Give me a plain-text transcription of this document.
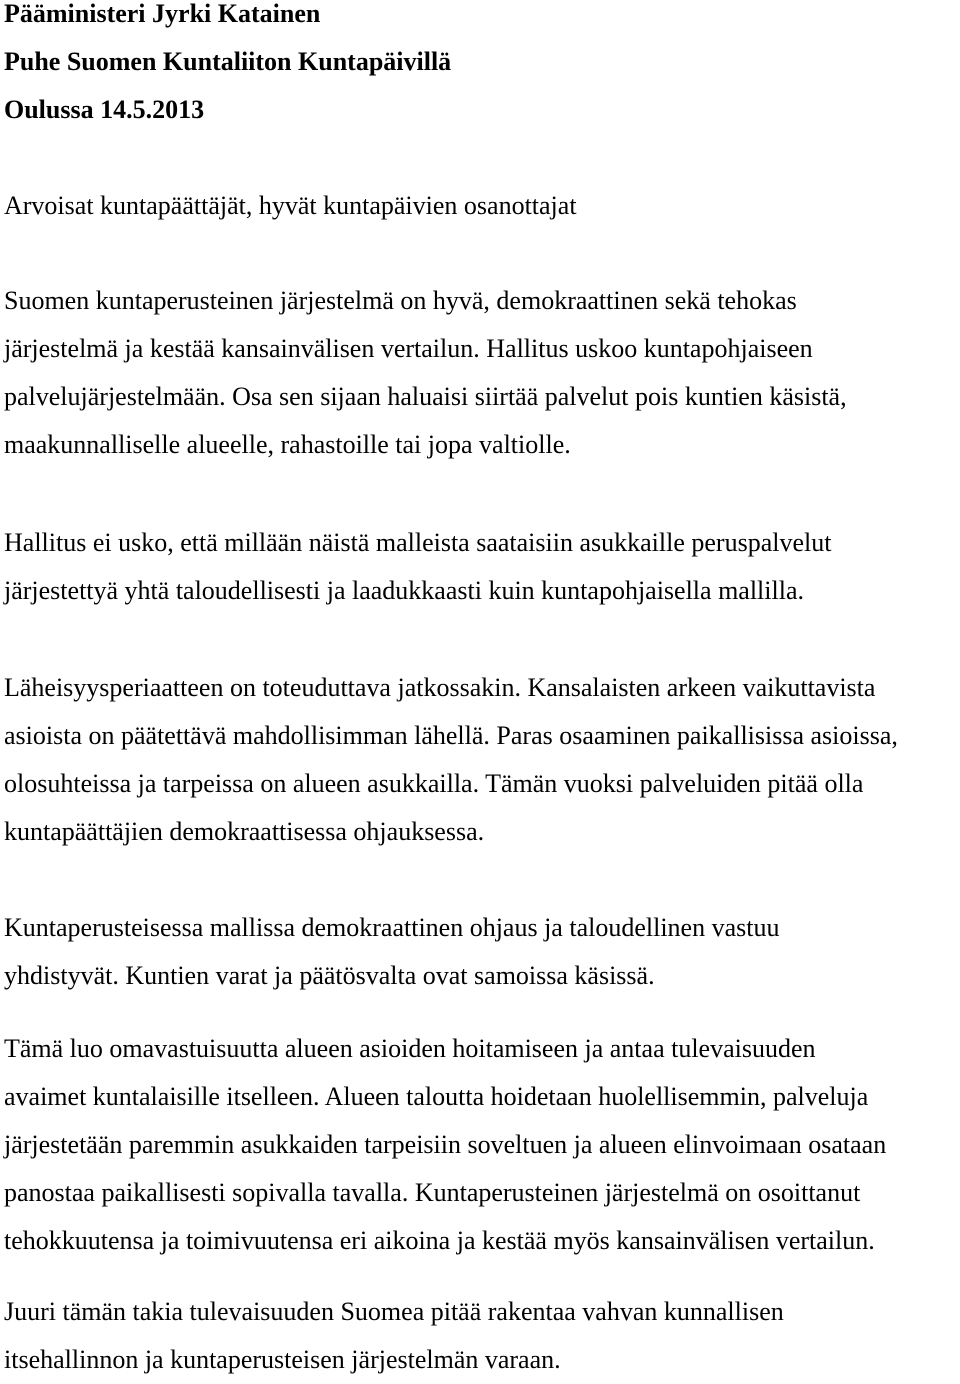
Pääministeri Jyrki Katainen
Puhe Suomen Kuntaliiton Kuntapäivillä
Oulussa 14.5.2013
Arvoisat kuntapäättäjät, hyvät kuntapäivien osanottajat
Suomen kuntaperusteinen järjestelmä on hyvä, demokraattinen sekä tehokas
järjestelmä ja kestää kansainvälisen vertailun. Hallitus uskoo kuntapohjaiseen
palvelujärjestelmään. Osa sen sijaan haluaisi siirtää palvelut pois kuntien käsistä,
maakunnalliselle alueelle, rahastoille tai jopa valtiolle.
Hallitus ei usko, että millään näistä malleista saataisiin asukkaille peruspalvelut
järjestettyä yhtä taloudellisesti ja laadukkaasti kuin kuntapohjaisella mallilla.
Läheisyysperiaatteen on toteuduttava jatkossakin. Kansalaisten arkeen vaikuttavista
asioista on päätettävä mahdollisimman lähellä. Paras osaaminen paikallisissa asioissa,
olosuhteissa ja tarpeissa on alueen asukkailla. Tämän vuoksi palveluiden pitää olla
kuntapäättäjien demokraattisessa ohjauksessa.
Kuntaperusteisessa mallissa demokraattinen ohjaus ja taloudellinen vastuu
yhdistyvät. Kuntien varat ja päätösvalta ovat samoissa käsissä.
Tämä luo omavastuisuutta alueen asioiden hoitamiseen ja antaa tulevaisuuden
avaimet kuntalaisille itselleen. Alueen taloutta hoidetaan huolellisemmin, palveluja
järjestetään paremmin asukkaiden tarpeisiin soveltuen ja alueen elinvoimaan osataan
panostaa paikallisesti sopivalla tavalla. Kuntaperusteinen järjestelmä on osoittanut
tehokkuutensa ja toimivuutensa eri aikoina ja kestää myös kansainvälisen vertailun.
Juuri tämän takia tulevaisuuden Suomea pitää rakentaa vahvan kunnallisen
itsehallinnon ja kuntaperusteisen järjestelmän varaan.
